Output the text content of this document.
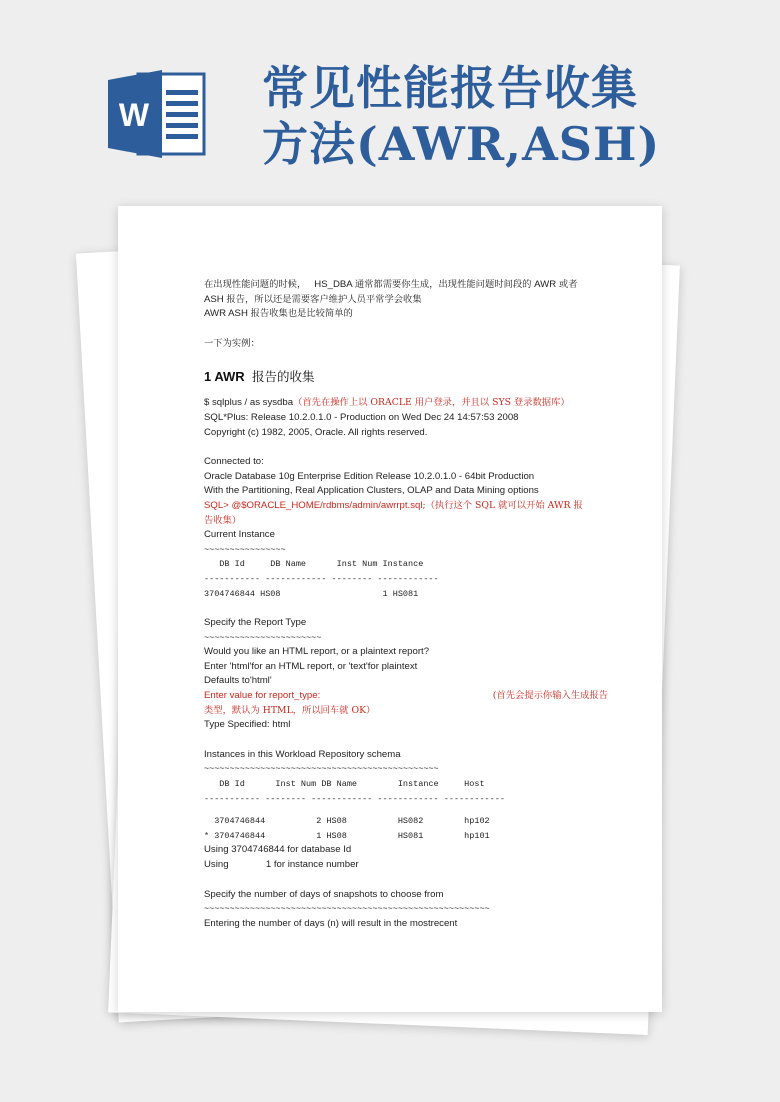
W 常见性能报告收集
方法(AWR,ASH)

在出现性能问题的时候， HS_DBA 通常都需要你生成，出现性能问题时间段的 AWR 或者

ASH 报告，所以还是需要客户维护人员平常学会收集

AWR ASH 报告收集也是比较简单的

一下为实例：

1 AWR 报告的收集

$ sqlplus / as sysdba（首先在操作上以 ORACLE 用户登录，并且以 SYS 登录数据库）

SQL*Plus: Release 10.2.0.1.0 - Production on Wed Dec 24 14:57:53 2008

Copyright (c) 1982, 2005, Oracle. All rights reserved.

Connected to:

Oracle Database 10g Enterprise Edition Release 10.2.0.1.0 - 64bit Production

With the Partitioning, Real Application Clusters, OLAP and Data Mining options

SQL> @$ORACLE_HOME/rdbms/admin/awrrpt.sql;（执行这个 SQL 就可以开始 AWR 报

告收集）

Current Instance

~~~~~~~~~~~~~~~~
DB Id     DB Name      Inst Num Instance
----------- ------------ -------- ------------
3704746844 HS08                    1 HS081

Specify the Report Type

~~~~~~~~~~~~~~~~~~~~~~~

Would you like an HTML report, or a plaintext report?

Enter 'html'for an HTML report, or 'text'for plaintext

Defaults to'html'

Enter value for report_type:	(首先会提示你输入生成报告

类型，默认为 HTML，所以回车就 OK）

Type Specified: html

Instances in this Workload Repository schema

~~~~~~~~~~~~~~~~~~~~~~~~~~~~~~~~~~~~~~~~~~~~~~
DB Id      Inst Num DB Name        Instance     Host
----------- -------- ------------ ------------ ------------
3704746844          2 HS08          HS082        hp102
* 3704746844          1 HS08          HS081        hp101

Using 3704746844 for database Id

Using              1 for instance number

Specify the number of days of snapshots to choose from

~~~~~~~~~~~~~~~~~~~~~~~~~~~~~~~~~~~~~~~~~~~~~~~~~~~~~~~~

Entering the number of days (n) will result in the mostrecent
